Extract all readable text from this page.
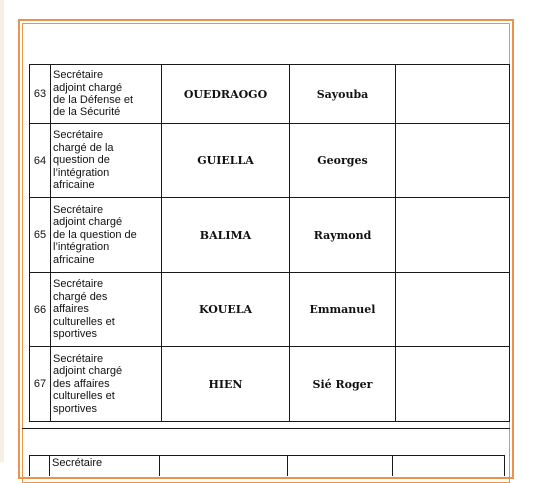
63	Secrétaire
adjoint chargé
de la Défense et
de la Sécurité	OUEDRAOGO	Sayouba	
64	Secrétaire
chargé de la
question de
l’intégration
africaine	GUIELLA	Georges	
65	Secrétaire
adjoint chargé
de la question de
l’intégration
africaine	BALIMA	Raymond	
66	Secrétaire
chargé des
affaires
culturelles et
sportives	KOUELA	Emmanuel	
67	Secrétaire
adjoint chargé
des affaires
culturelles et
sportives	HIEN	Sié Roger	
Secrétaire
